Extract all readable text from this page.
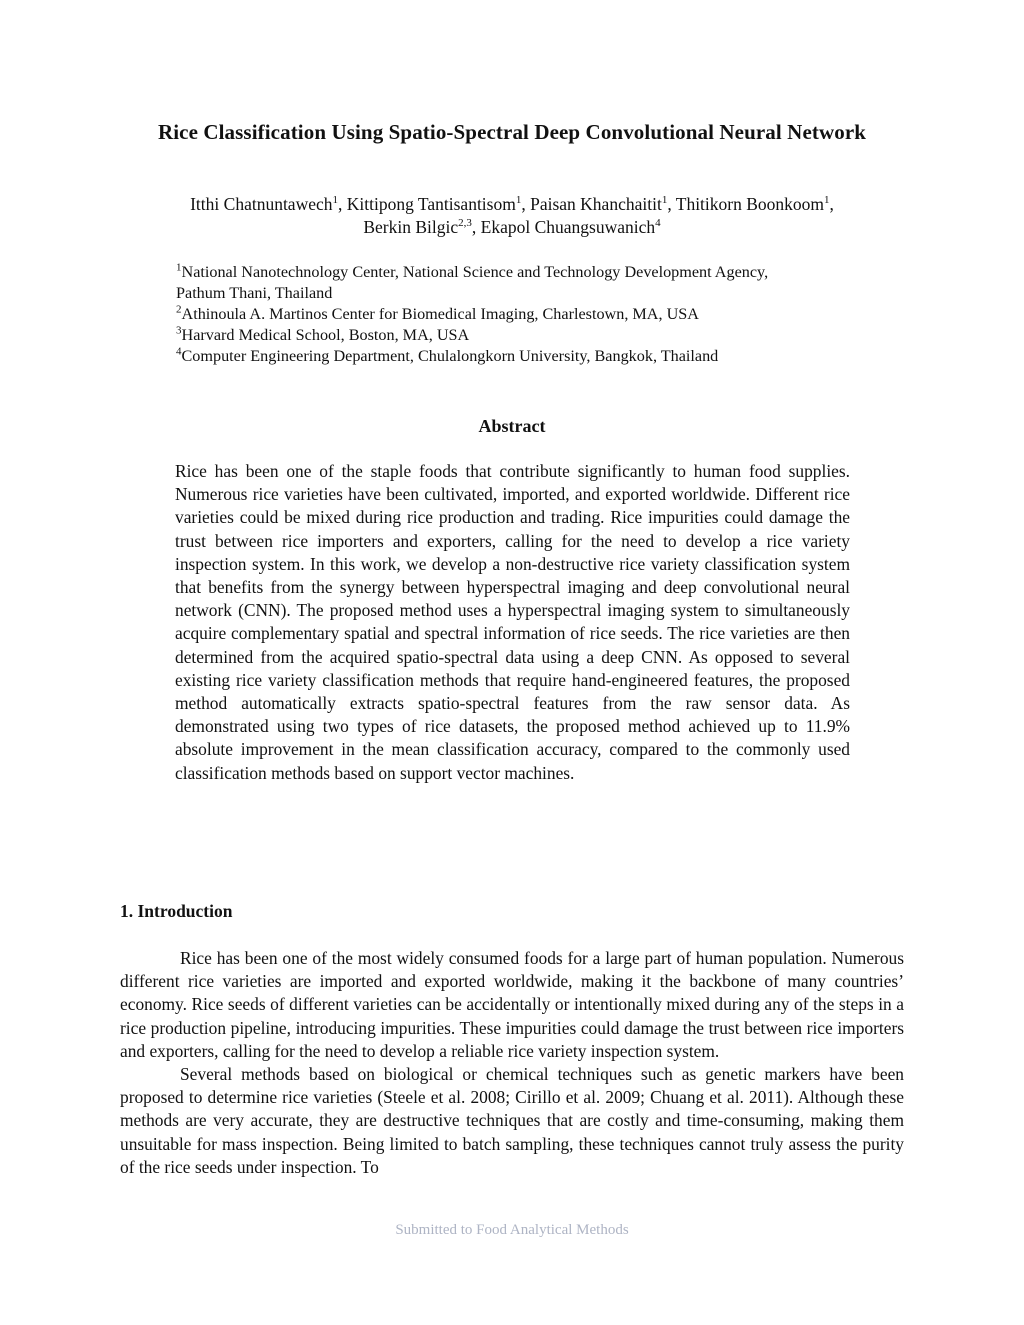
Rice Classification Using Spatio-Spectral Deep Convolutional Neural Network
Itthi Chatnuntawech$^1$, Kittipong Tantisantisom$^1$, Paisan Khanchaitit$^1$, Thitikorn Boonkoom$^1$,
Berkin Bilgic$^{2,3}$, Ekapol Chuangsuwanich$^4$
$^1$National Nanotechnology Center, National Science and Technology Development Agency,
Pathum Thani, Thailand
$^2$Athinoula A. Martinos Center for Biomedical Imaging, Charlestown, MA, USA
$^3$Harvard Medical School, Boston, MA, USA
$^4$Computer Engineering Department, Chulalongkorn University, Bangkok, Thailand
Abstract
Rice has been one of the staple foods that contribute significantly to human food supplies. Numerous rice varieties have been cultivated, imported, and exported worldwide. Different rice varieties could be mixed during rice production and trading. Rice impurities could damage the trust between rice importers and exporters, calling for the need to develop a rice variety inspection system. In this work, we develop a non-destructive rice variety classification system that benefits from the synergy between hyperspectral imaging and deep convolutional neural network (CNN). The proposed method uses a hyperspectral imaging system to simultaneously acquire complementary spatial and spectral information of rice seeds. The rice varieties are then determined from the acquired spatio-spectral data using a deep CNN. As opposed to several existing rice variety classification methods that require hand-engineered features, the proposed method automatically extracts spatio-spectral features from the raw sensor data. As demonstrated using two types of rice datasets, the proposed method achieved up to 11.9% absolute improvement in the mean classification accuracy, compared to the commonly used classification methods based on support vector machines.
1. Introduction

Rice has been one of the most widely consumed foods for a large part of human population. Numerous different rice varieties are imported and exported worldwide, making it the backbone of many countries’ economy. Rice seeds of different varieties can be accidentally or intentionally mixed during any of the steps in a rice production pipeline, introducing impurities. These impurities could damage the trust between rice importers and exporters, calling for the need to develop a reliable rice variety inspection system.

Several methods based on biological or chemical techniques such as genetic markers have been proposed to determine rice varieties (Steele et al. 2008; Cirillo et al. 2009; Chuang et al. 2011). Although these methods are very accurate, they are destructive techniques that are costly and time-consuming, making them unsuitable for mass inspection. Being limited to batch sampling, these techniques cannot truly assess the purity of the rice seeds under inspection. To

Submitted to Food Analytical Methods
